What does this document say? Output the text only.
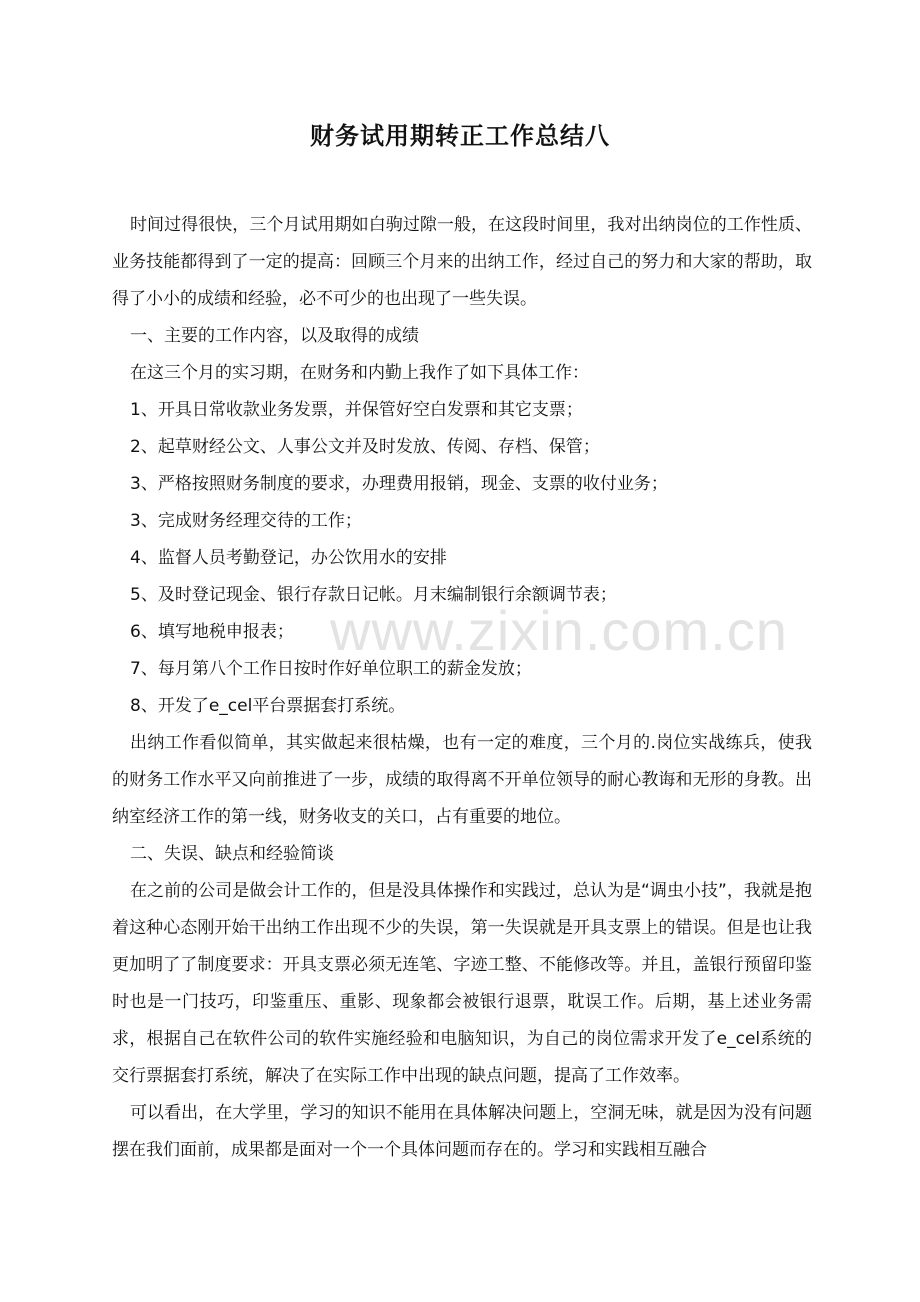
财务试用期转正工作总结八

时间过得很快，三个月试用期如白驹过隙一般，在这段时间里，我对出纳岗位的工作性质、业务技能都得到了一定的提高：回顾三个月来的出纳工作，经过自己的努力和大家的帮助，取得了小小的成绩和经验，必不可少的也出现了一些失误。

一、主要的工作内容，以及取得的成绩

在这三个月的实习期，在财务和内勤上我作了如下具体工作：

1、开具日常收款业务发票，并保管好空白发票和其它支票；

2、起草财经公文、人事公文并及时发放、传阅、存档、保管；

3、严格按照财务制度的要求，办理费用报销，现金、支票的收付业务；

3、完成财务经理交待的工作；

4、监督人员考勤登记，办公饮用水的安排

5、及时登记现金、银行存款日记帐。月末编制银行余额调节表；

6、填写地税申报表；

7、每月第八个工作日按时作好单位职工的薪金发放；

8、开发了e_cel平台票据套打系统。

出纳工作看似简单，其实做起来很枯燥，也有一定的难度，三个月的.岗位实战练兵，使我的财务工作水平又向前推进了一步，成绩的取得离不开单位领导的耐心教诲和无形的身教。出纳室经济工作的第一线，财务收支的关口，占有重要的地位。

二、失误、缺点和经验简谈

在之前的公司是做会计工作的，但是没具体操作和实践过，总认为是“调虫小技”，我就是抱着这种心态刚开始干出纳工作出现不少的失误，第一失误就是开具支票上的错误。但是也让我更加明了了制度要求：开具支票必须无连笔、字迹工整、不能修改等。并且，盖银行预留印鉴时也是一门技巧，印鉴重压、重影、现象都会被银行退票，耽误工作。后期，基上述业务需求，根据自己在软件公司的软件实施经验和电脑知识，为自己的岗位需求开发了e_cel系统的交行票据套打系统，解决了在实际工作中出现的缺点问题，提高了工作效率。

可以看出，在大学里，学习的知识不能用在具体解决问题上，空洞无味，就是因为没有问题摆在我们面前，成果都是面对一个一个具体问题而存在的。学习和实践相互融合

www.zixin.com.cn
